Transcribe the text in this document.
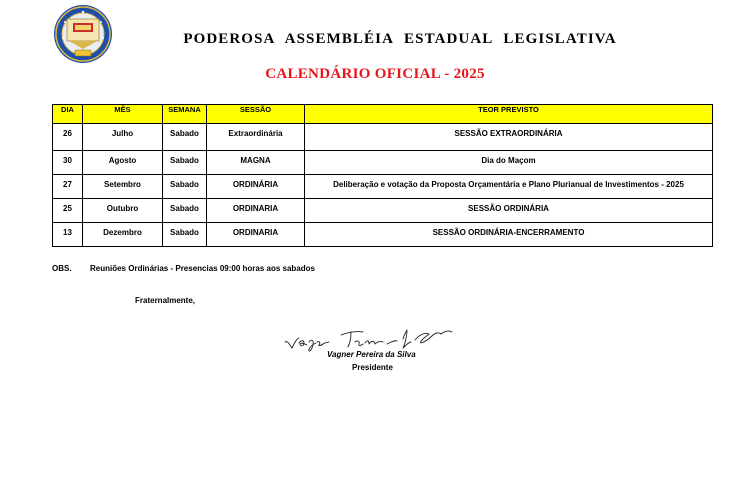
PODEROSA ASSEMBLÉIA ESTADUAL LEGISLATIVA
CALENDÁRIO OFICIAL - 2025
DIA	MÊS	SEMANA	SESSÃO	TEOR PREVISTO
26	Julho	Sabado	Extraordinária	SESSÃO EXTRAORDINÁRIA
30	Agosto	Sabado	MAGNA	Dia do Maçom
27	Setembro	Sabado	ORDINÁRIA	Deliberação e votação da Proposta Orçamentária e Plano Plurianual de Investimentos - 2025
25	Outubro	Sabado	ORDINARIA	SESSÃO ORDINÁRIA
13	Dezembro	Sabado	ORDINARIA	SESSÃO ORDINÁRIA-ENCERRAMENTO
OBS. Reuniões Ordinárias - Presencias 09:00 horas aos sabados
Fraternalmente,
Vagner Pereira da Silva
Presidente
